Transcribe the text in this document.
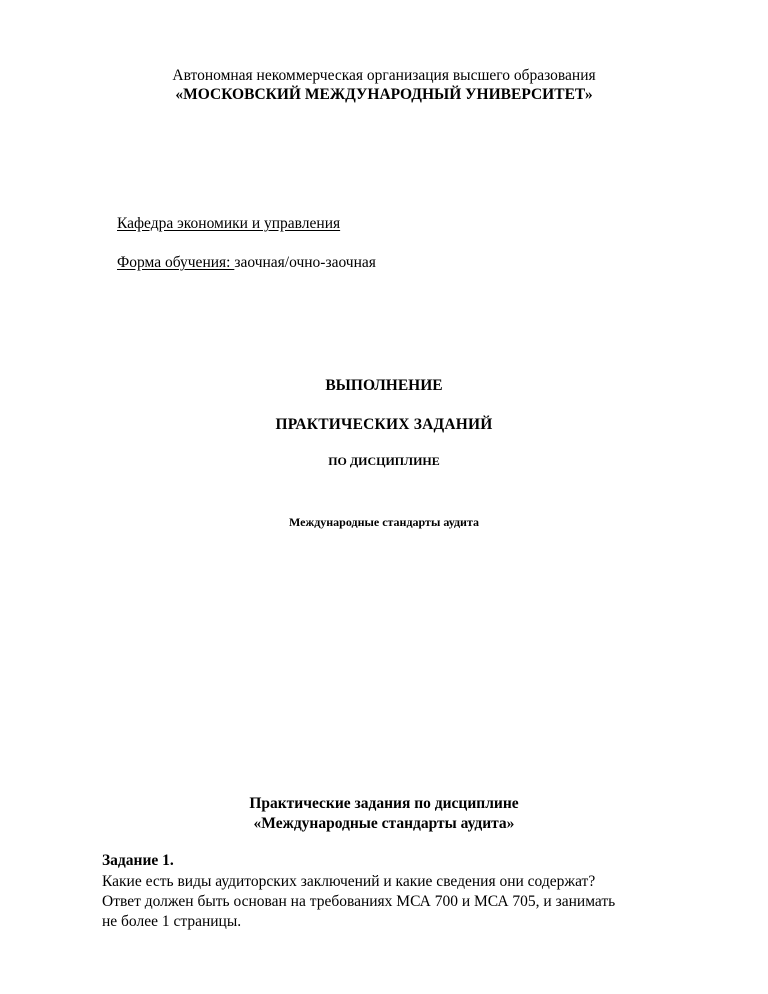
Автономная некоммерческая организация высшего образования
«МОСКОВСКИЙ МЕЖДУНАРОДНЫЙ УНИВЕРСИТЕТ»
Кафедра экономики и управления
Форма обучения: заочная/очно-заочная
ВЫПОЛНЕНИЕ
ПРАКТИЧЕСКИХ ЗАДАНИЙ
ПО ДИСЦИПЛИНЕ
Международные стандарты аудита
Практические задания по дисциплине
«Международные стандарты аудита»
Задание 1.
Какие есть виды аудиторских заключений и какие сведения они содержат?
Ответ должен быть основан на требованиях МСА 700 и МСА 705, и занимать
не более 1 страницы.
